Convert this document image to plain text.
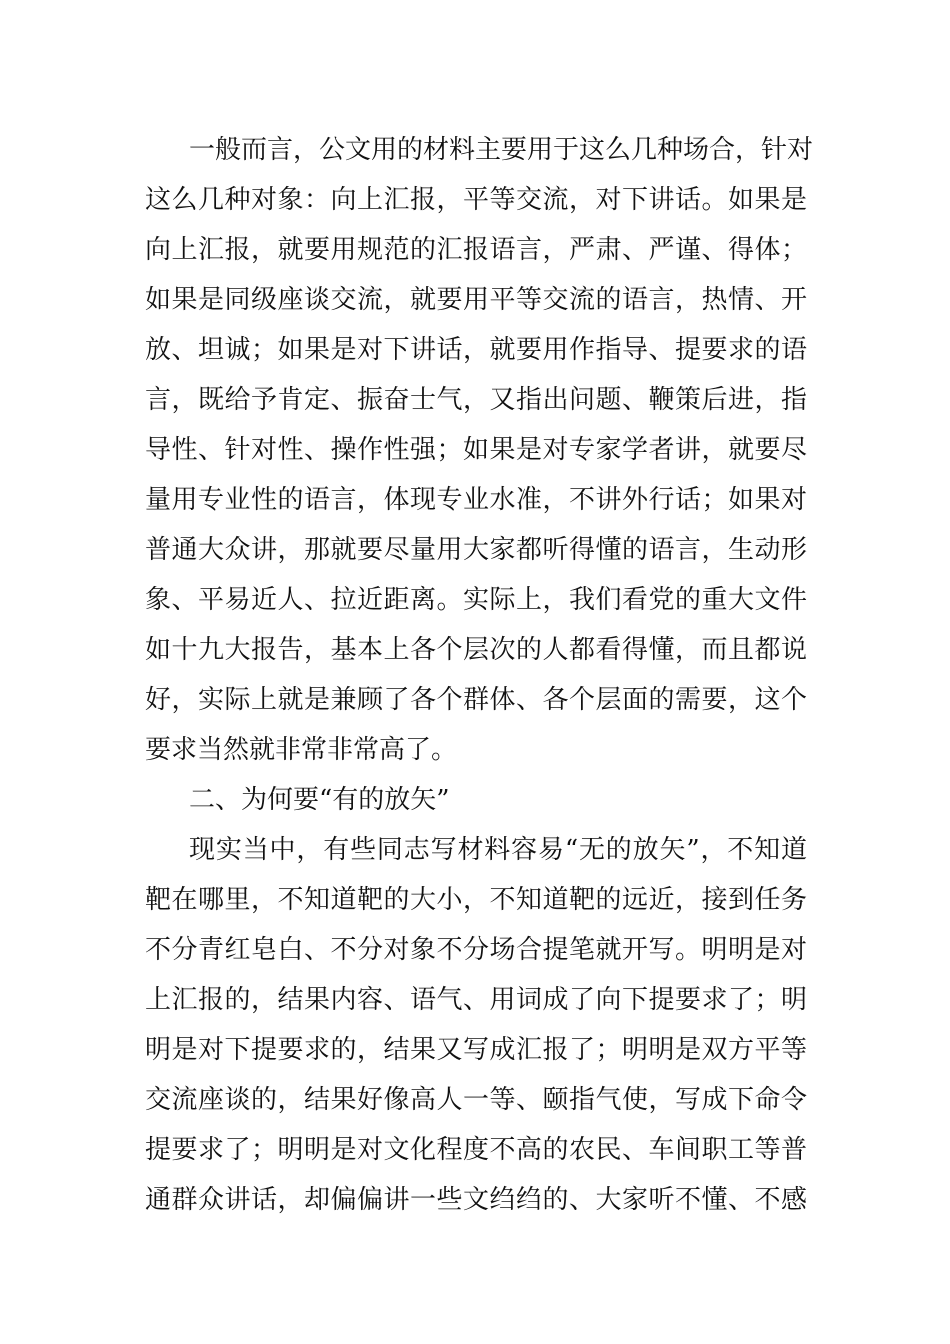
一般而言，公文用的材料主要用于这么几种场合，针对
这么几种对象：向上汇报，平等交流，对下讲话。如果是
向上汇报，就要用规范的汇报语言，严肃、严谨、得体；
如果是同级座谈交流，就要用平等交流的语言，热情、开
放、坦诚；如果是对下讲话，就要用作指导、提要求的语
言，既给予肯定、振奋士气，又指出问题、鞭策后进，指
导性、针对性、操作性强；如果是对专家学者讲，就要尽
量用专业性的语言，体现专业水准，不讲外行话；如果对
普通大众讲，那就要尽量用大家都听得懂的语言，生动形
象、平易近人、拉近距离。实际上，我们看党的重大文件
如十九大报告，基本上各个层次的人都看得懂，而且都说
好，实际上就是兼顾了各个群体、各个层面的需要，这个
要求当然就非常非常高了。
二、为何要“有的放矢”
现实当中，有些同志写材料容易“无的放矢”，不知道
靶在哪里，不知道靶的大小，不知道靶的远近，接到任务
不分青红皂白、不分对象不分场合提笔就开写。明明是对
上汇报的，结果内容、语气、用词成了向下提要求了；明
明是对下提要求的，结果又写成汇报了；明明是双方平等
交流座谈的，结果好像高人一等、颐指气使，写成下命令
提要求了；明明是对文化程度不高的农民、车间职工等普
通群众讲话，却偏偏讲一些文绉绉的、大家听不懂、不感
